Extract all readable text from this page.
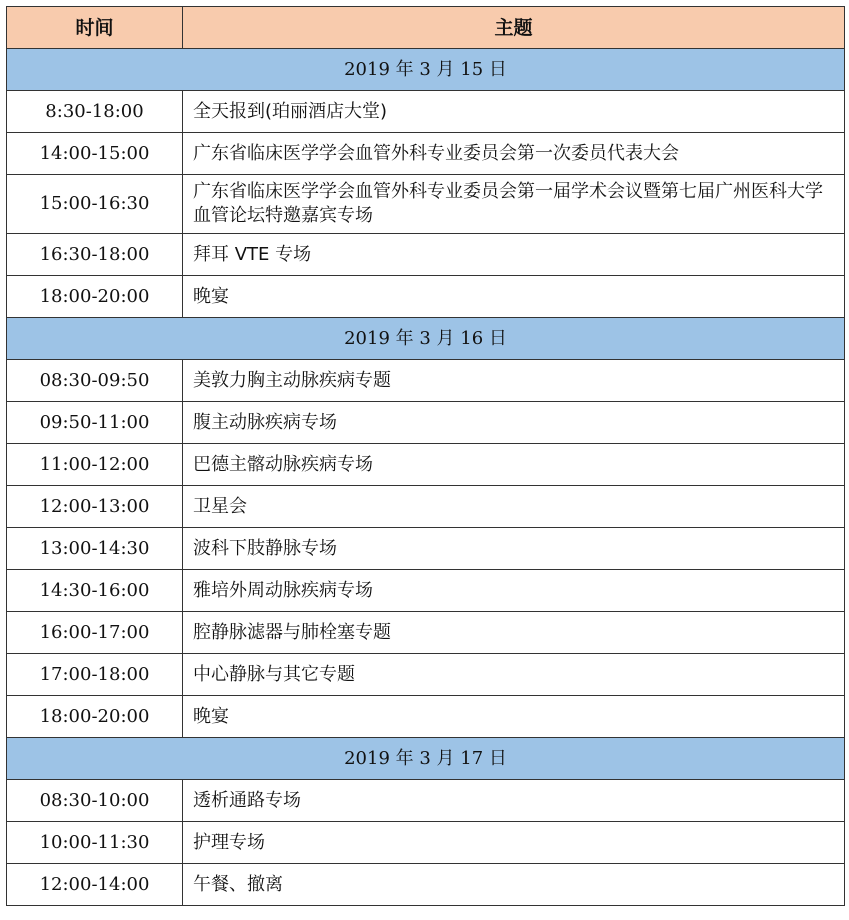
时间	主题
2019 年 3 月 15 日	
8:30-18:00	全天报到(珀丽酒店大堂)
14:00-15:00	广东省临床医学学会血管外科专业委员会第一次委员代表大会
15:00-16:30	广东省临床医学学会血管外科专业委员会第一届学术会议暨第七届广州医科大学血管论坛特邀嘉宾专场
16:30-18:00	拜耳 VTE 专场
18:00-20:00	晚宴
2019 年 3 月 16 日	
08:30-09:50	美敦力胸主动脉疾病专题
09:50-11:00	腹主动脉疾病专场
11:00-12:00	巴德主髂动脉疾病专场
12:00-13:00	卫星会
13:00-14:30	波科下肢静脉专场
14:30-16:00	雅培外周动脉疾病专场
16:00-17:00	腔静脉滤器与肺栓塞专题
17:00-18:00	中心静脉与其它专题
18:00-20:00	晚宴
2019 年 3 月 17 日	
08:30-10:00	透析通路专场
10:00-11:30	护理专场
12:00-14:00	午餐、撤离
